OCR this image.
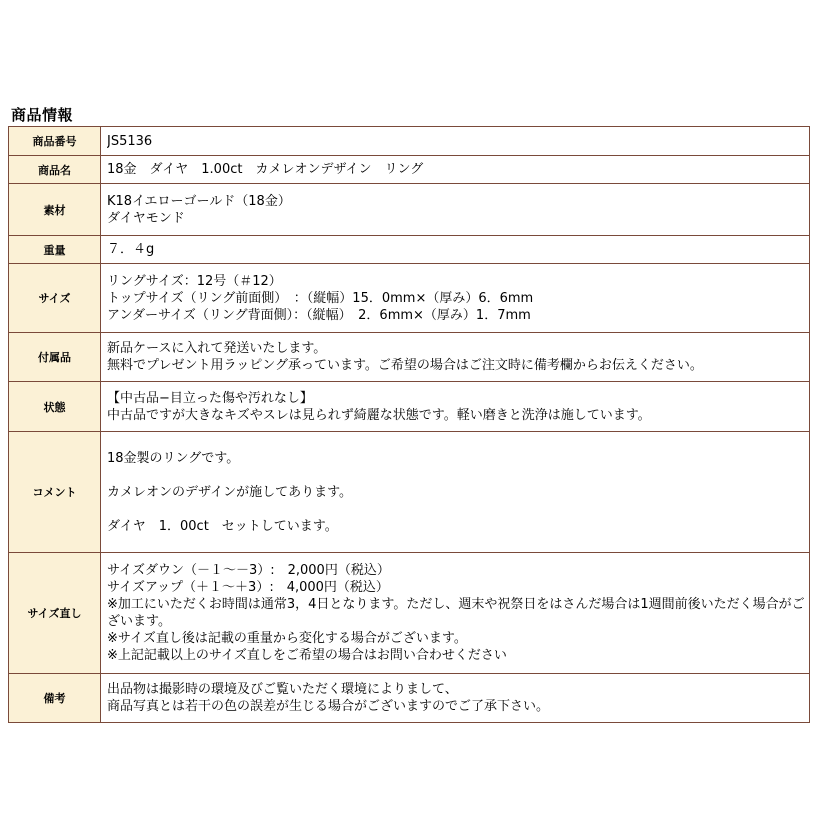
商品情報
商品番号	JS5136

商品名	18金　ダイヤ　1.00ct　カメレオンデザイン　リング

素材	K18イエローゴールド（18金）
ダイヤモンド

重量	７．４g

サイズ	リングサイズ：12号（＃12）
トップサイズ（リング前面側）　：（縦幅）15．0mm×（厚み）6．6mm
アンダーサイズ（リング背面側）：（縦幅）　2．6mm×（厚み）1．7mm

付属品	新品ケースに入れて発送いたします。
無料でプレゼント用ラッピング承っています。ご希望の場合はご注文時に備考欄からお伝えください。

状態	【中古品−目立った傷や汚れなし】
中古品ですが大きなキズやスレは見られず綺麗な状態です。軽い磨きと洗浄は施しています。

コメント	18金製のリングです。
カメレオンのデザインが施してあります。
ダイヤ　1．00ct　セットしています。

サイズ直し	サイズダウン（－１～－3）:　2,000円（税込）
サイズアップ（＋１～＋3）:　4,000円（税込）
※加工にいただくお時間は通常3，4日となります。ただし、週末や祝祭日をはさんだ場合は1週間前後いただく場合がございます。
※サイズ直し後は記載の重量から変化する場合がございます。
※上記記載以上のサイズ直しをご希望の場合はお問い合わせください

備考	出品物は撮影時の環境及びご覧いただく環境によりまして、
商品写真とは若干の色の誤差が生じる場合がございますのでご了承下さい。
